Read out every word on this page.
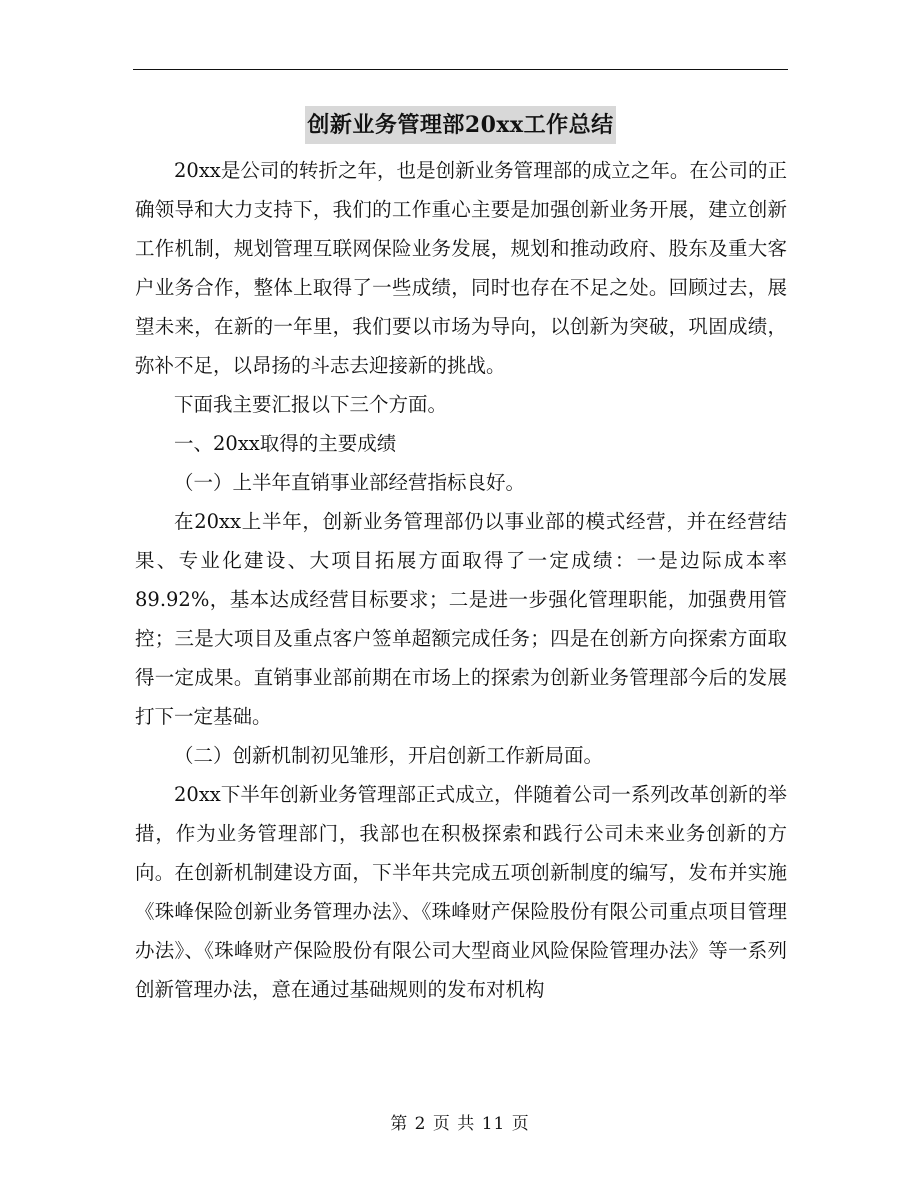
创新业务管理部20xx工作总结

20xx是公司的转折之年，也是创新业务管理部的成立之年。在公司的正确领导和大力支持下，我们的工作重心主要是加强创新业务开展，建立创新工作机制，规划管理互联网保险业务发展，规划和推动政府、股东及重大客户业务合作，整体上取得了一些成绩，同时也存在不足之处。回顾过去，展望未来，在新的一年里，我们要以市场为导向，以创新为突破，巩固成绩，弥补不足，以昂扬的斗志去迎接新的挑战。

下面我主要汇报以下三个方面。

一、20xx取得的主要成绩

（一）上半年直销事业部经营指标良好。

在20xx上半年，创新业务管理部仍以事业部的模式经营，并在经营结果、专业化建设、大项目拓展方面取得了一定成绩：一是边际成本率89.92%，基本达成经营目标要求；二是进一步强化管理职能，加强费用管控；三是大项目及重点客户签单超额完成任务；四是在创新方向探索方面取得一定成果。直销事业部前期在市场上的探索为创新业务管理部今后的发展打下一定基础。

（二）创新机制初见雏形，开启创新工作新局面。

20xx下半年创新业务管理部正式成立，伴随着公司一系列改革创新的举措，作为业务管理部门，我部也在积极探索和践行公司未来业务创新的方向。在创新机制建设方面，下半年共完成五项创新制度的编写，发布并实施《珠峰保险创新业务管理办法》、《珠峰财产保险股份有限公司重点项目管理办法》、《珠峰财产保险股份有限公司大型商业风险保险管理办法》等一系列创新管理办法，意在通过基础规则的发布对机构

第 2 页 共 11 页
